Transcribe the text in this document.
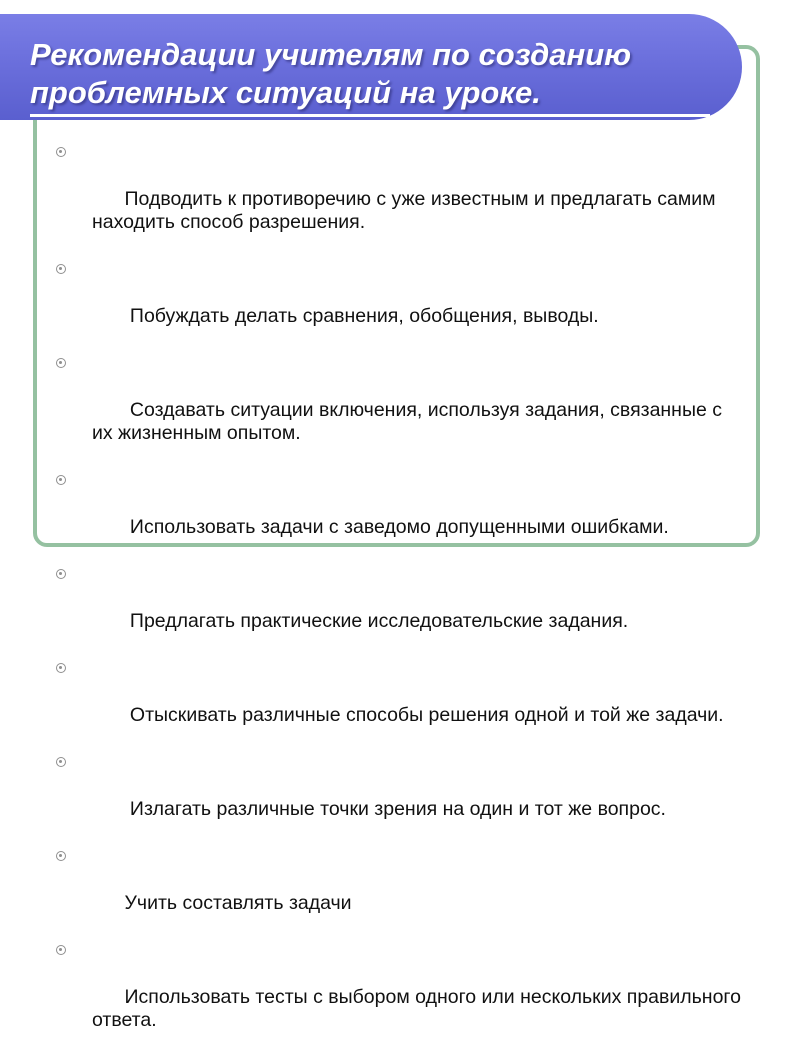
Рекомендации учителям по созданию
проблемных ситуаций на уроке.

Подводить к противоречию с уже известным и предлагать самим находить способ разрешения.

Побуждать делать сравнения, обобщения, выводы.

Создавать ситуации включения, используя задания, связанные с их жизненным опытом.

Использовать задачи с заведомо допущенными ошибками.

Предлагать практические исследовательские задания.

Отыскивать различные способы решения одной и той же задачи.

Излагать различные точки зрения на один и тот же вопрос.

Учить составлять задачи

Использовать тесты с выбором одного или нескольких правильного ответа.
